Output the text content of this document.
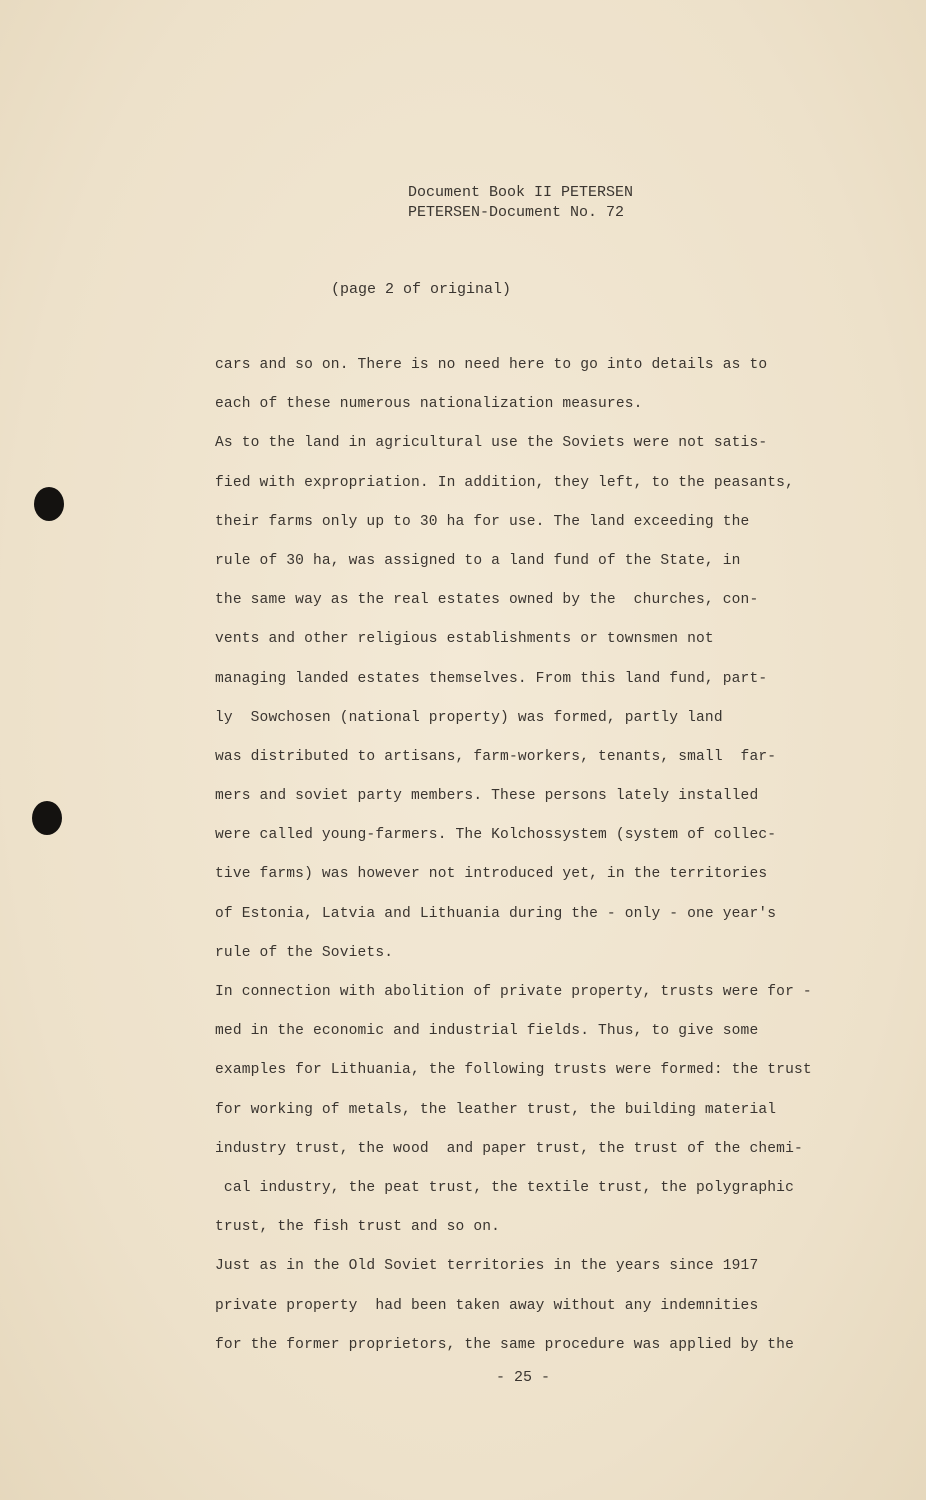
Document Book II PETERSEN
PETERSEN-Document No. 72
(page 2 of original)
cars and so on. There is no need here to go into details as to
each of these numerous nationalization measures.
As to the land in agricultural use the Soviets were not satis-
fied with expropriation. In addition, they left, to the peasants,
their farms only up to 30 ha for use. The land exceeding the
rule of 30 ha, was assigned to a land fund of the State, in
the same way as the real estates owned by the  churches, con-
vents and other religious establishments or townsmen not
managing landed estates themselves. From this land fund, part-
ly  Sowchosen (national property) was formed, partly land
was distributed to artisans, farm-workers, tenants, small  far-
mers and soviet party members. These persons lately installed
were called young-farmers. The Kolchossystem (system of collec-
tive farms) was however not introduced yet, in the territories
of Estonia, Latvia and Lithuania during the - only - one year's
rule of the Soviets.
In connection with abolition of private property, trusts were for -
med in the economic and industrial fields. Thus, to give some
examples for Lithuania, the following trusts were formed: the trust
for working of metals, the leather trust, the building material
industry trust, the wood  and paper trust, the trust of the chemi-
cal industry, the peat trust, the textile trust, the polygraphic
trust, the fish trust and so on.
Just as in the Old Soviet territories in the years since 1917
private property  had been taken away without any indemnities
for the former proprietors, the same procedure was applied by the
- 25 -
